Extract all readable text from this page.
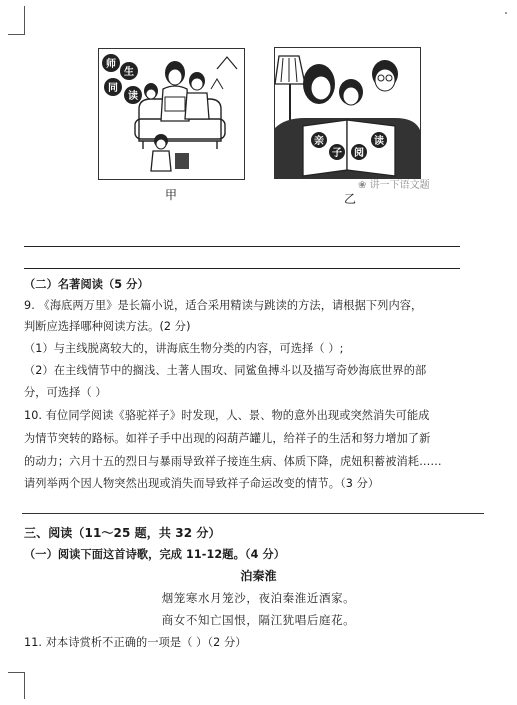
师
生
同
读
甲
亲
子 阅
读
❀ 讲一下语文题
乙
（二）名著阅读（5 分）
9. 《海底两万里》是长篇小说，适合采用精读与跳读的方法，请根据下列内容，
判断应选择哪种阅读方法。(2 分)
（1）与主线脱离较大的，讲海底生物分类的内容，可选择（ ）;
（2）在主线情节中的搁浅、土著人围攻、同鲨鱼搏斗以及描写奇妙海底世界的部
分，可选择（ ）
10. 有位同学阅读《骆驼祥子》时发现，人、景、物的意外出现或突然消失可能成
为情节突转的路标。如祥子手中出现的闷葫芦罐儿，给祥子的生活和努力增加了新
的动力；六月十五的烈日与暴雨导致祥子接连生病、体质下降，虎妞积蓄被消耗……
请列举两个因人物突然出现或消失而导致祥子命运改变的情节。（3 分）
三、阅读（11～25 题，共 32 分）
（一）阅读下面这首诗歌，完成 11-12题。（4 分）
泊秦淮
烟笼寒水月笼沙，夜泊秦淮近酒家。
商女不知亡国恨，隔江犹唱后庭花。
11. 对本诗赏析不正确的一项是（ ）（2 分）
